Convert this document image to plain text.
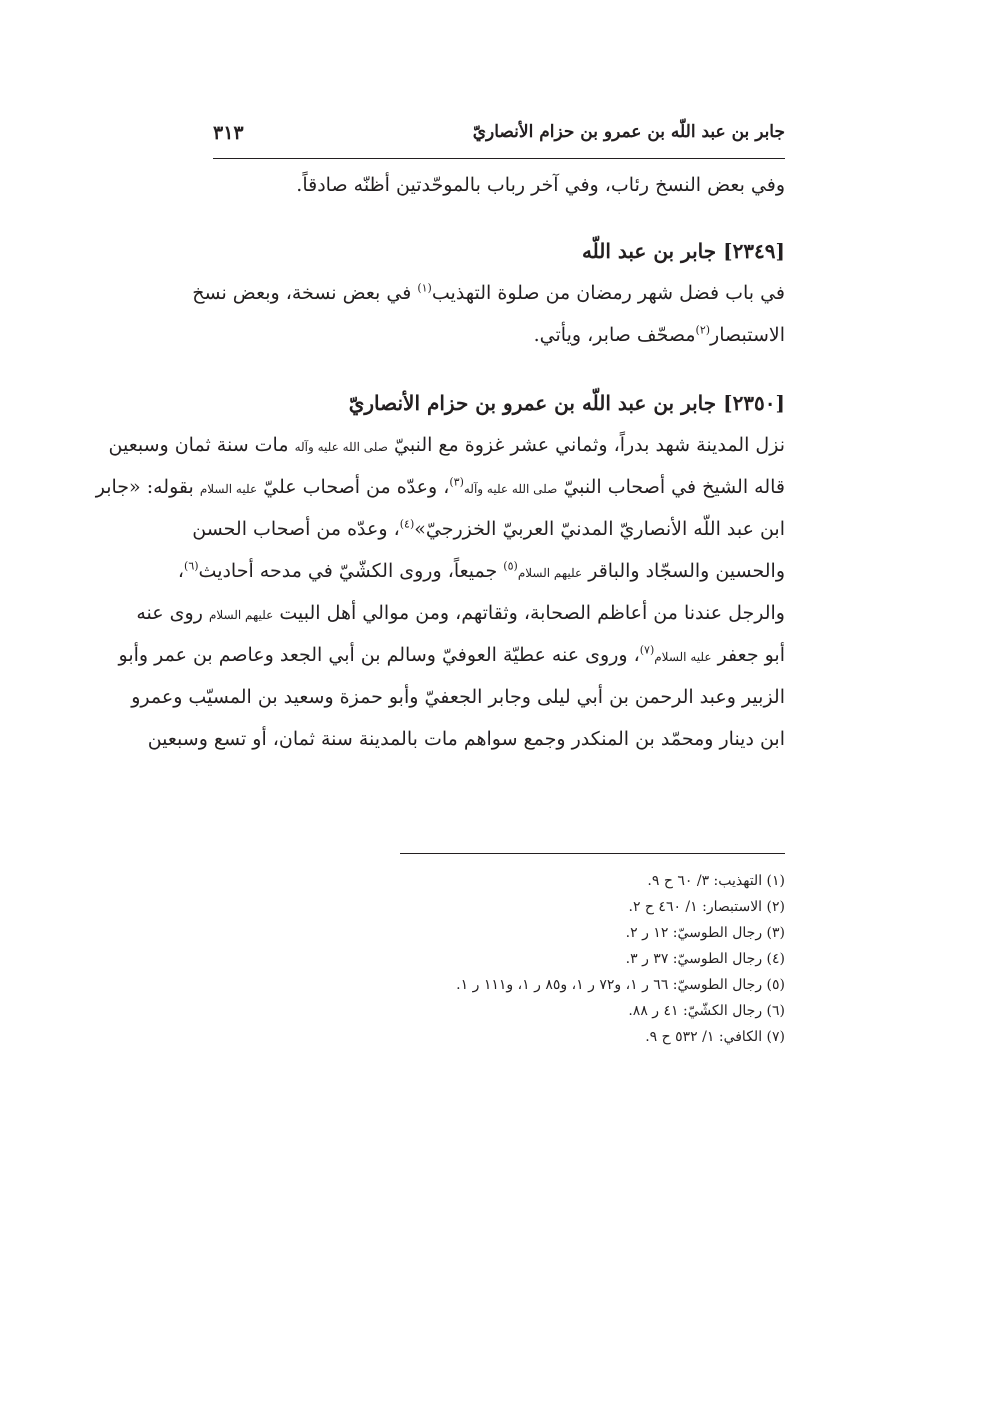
جابر بن عبد اللّه بن عمرو بن حزام الأنصاريّ
٣١٣
وفي بعض النسخ رئاب، وفي آخر رباب بالموحّدتين أظنّه صادقاً.
[٢٣٤٩] جابر بن عبد اللّه
في باب فضل شهر رمضان من صلوة التهذيب$^{(١)}$ في بعض نسخة، وبعض نسخ
الاستبصار$^{(٢)}$مصحّف صابر، ويأتي.
[٢٣٥٠] جابر بن عبد اللّه بن عمرو بن حزام الأنصاريّ
نزل المدينة شهد بدراً، وثماني عشر غزوة مع النبيّ صلى الله عليه وآله مات سنة ثمان وسبعين
قاله الشيخ في أصحاب النبيّ صلى الله عليه وآله$^{(٣)}$، وعدّه من أصحاب عليّ عليه السلام بقوله: «جابر
ابن عبد اللّه الأنصاريّ المدنيّ العربيّ الخزرجيّ»$^{(٤)}$، وعدّه من أصحاب الحسن
والحسين والسجّاد والباقر عليهم السلام$^{(٥)}$ جميعاً، وروى الكشّيّ في مدحه أحاديث$^{(٦)}$،
والرجل عندنا من أعاظم الصحابة، وثقاتهم، ومن موالي أهل البيت عليهم السلام روى عنه
أبو جعفر عليه السلام$^{(٧)}$، وروى عنه عطيّة العوفيّ وسالم بن أبي الجعد وعاصم بن عمر وأبو
الزبير وعبد الرحمن بن أبي ليلى وجابر الجعفيّ وأبو حمزة وسعيد بن المسيّب وعمرو
ابن دينار ومحمّد بن المنكدر وجمع سواهم مات بالمدينة سنة ثمان، أو تسع وسبعين
(١) التهذيب: ٣/ ٦٠ ح ٩.
(٢) الاستبصار: ١/ ٤٦٠ ح ٢.
(٣) رجال الطوسيّ: ١٢ ر ٢.
(٤) رجال الطوسيّ: ٣٧ ر ٣.
(٥) رجال الطوسيّ: ٦٦ ر ١، و٧٢ ر ١، و٨٥ ر ١، و١١١ ر ١.
(٦) رجال الكشّيّ: ٤١ ر ٨٨.
(٧) الكافي: ١/ ٥٣٢ ح ٩.
